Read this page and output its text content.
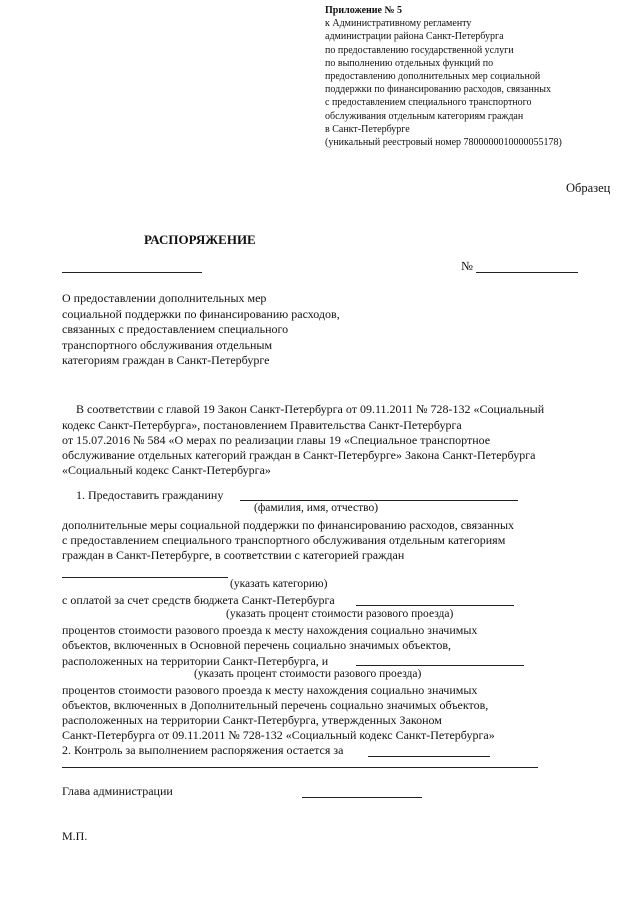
Приложение № 5
к Административному регламенту
администрации района Санкт-Петербурга
по предоставлению государственной услуги
по выполнению отдельных функций по
предоставлению дополнительных мер социальной
поддержки по финансированию расходов, связанных
с предоставлением специального транспортного
обслуживания отдельным категориям граждан
в Санкт-Петербурге
(уникальный реестровый номер 7800000010000055178)
Образец
РАСПОРЯЖЕНИЕ
№
О предоставлении дополнительных мер
социальной поддержки по финансированию расходов,
связанных с предоставлением специального
транспортного обслуживания отдельным
категориям граждан в Санкт-Петербурге
В соответствии с главой 19 Закон Санкт-Петербурга от 09.11.2011 № 728-132 «Социальный
кодекс Санкт-Петербурга», постановлением Правительства Санкт-Петербурга
от 15.07.2016 № 584 «О мерах по реализации главы 19 «Специальное транспортное
обслуживание отдельных категорий граждан в Санкт-Петербурге» Закона Санкт-Петербурга
«Социальный кодекс Санкт-Петербурга»
1. Предоставить гражданину
(фамилия, имя, отчество)
дополнительные меры социальной поддержки по финансированию расходов, связанных
с предоставлением специального транспортного обслуживания отдельным категориям
граждан в Санкт-Петербурге, в соответствии с категорией граждан
(указать категорию)
с оплатой за счет средств бюджета Санкт-Петербурга
(указать процент стоимости разового проезда)
процентов стоимости разового проезда к месту нахождения социально значимых
объектов, включенных в Основной перечень социально значимых объектов,
расположенных на территории Санкт-Петербурга, и
(указать процент стоимости разового проезда)
процентов стоимости разового проезда к месту нахождения социально значимых
объектов, включенных в Дополнительный перечень социально значимых объектов,
расположенных на территории Санкт-Петербурга, утвержденных Законом
Санкт-Петербурга от 09.11.2011 № 728-132 «Социальный кодекс Санкт-Петербурга»
2. Контроль за выполнением распоряжения остается за
Глава администрации
М.П.
